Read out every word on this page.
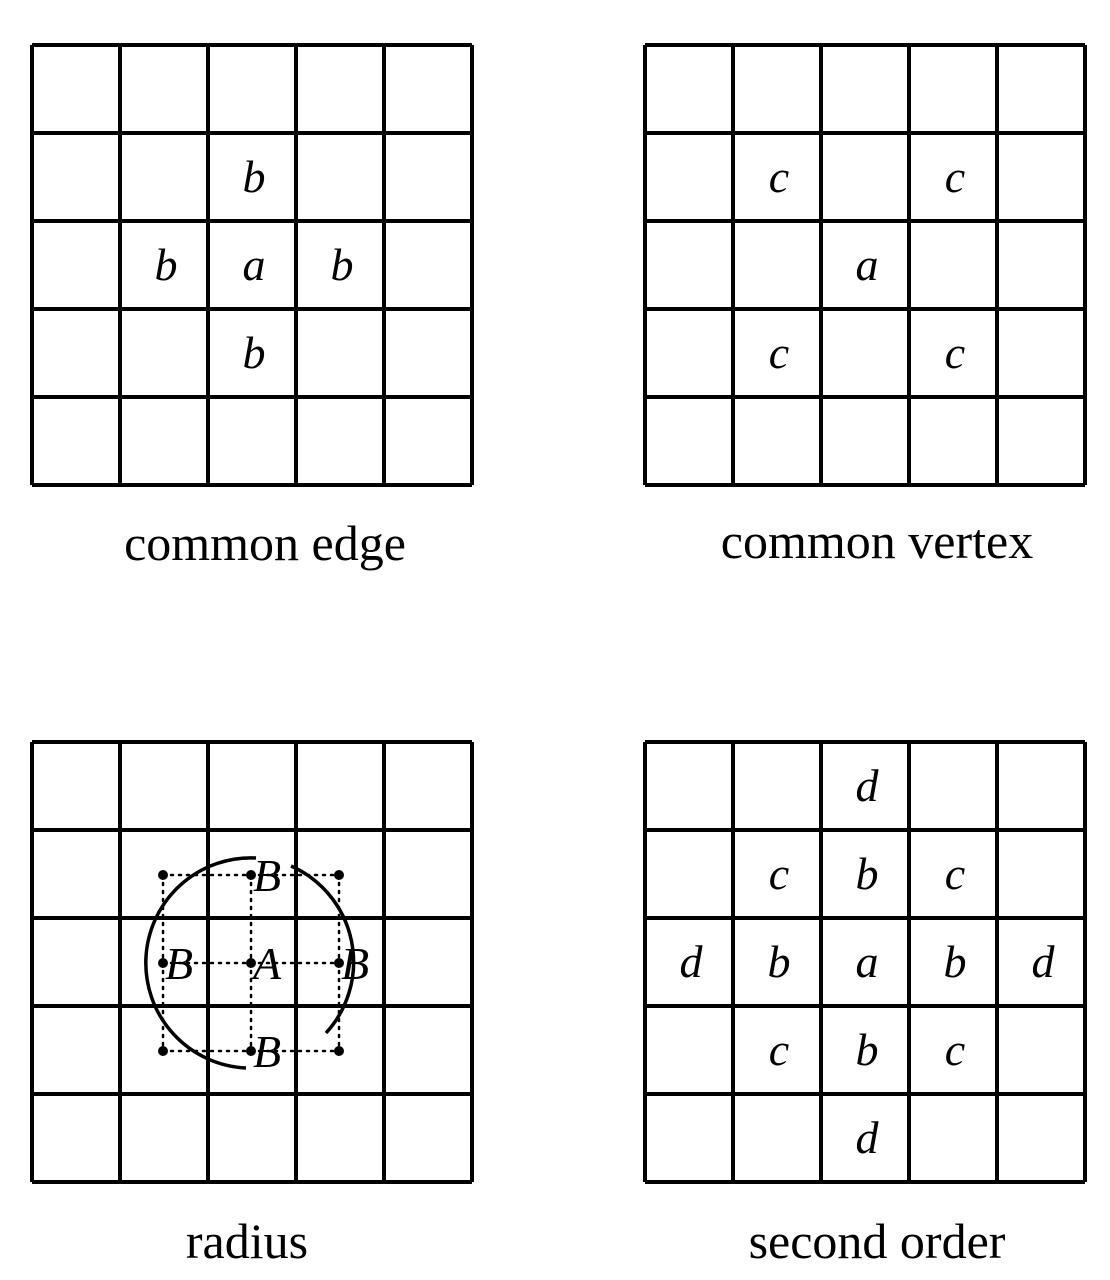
b
b a b
b
c	c
a
c	c
B
B A B
B
d
c b c
d b a b d
c b c
d
common edge	common vertex
radius	second order
